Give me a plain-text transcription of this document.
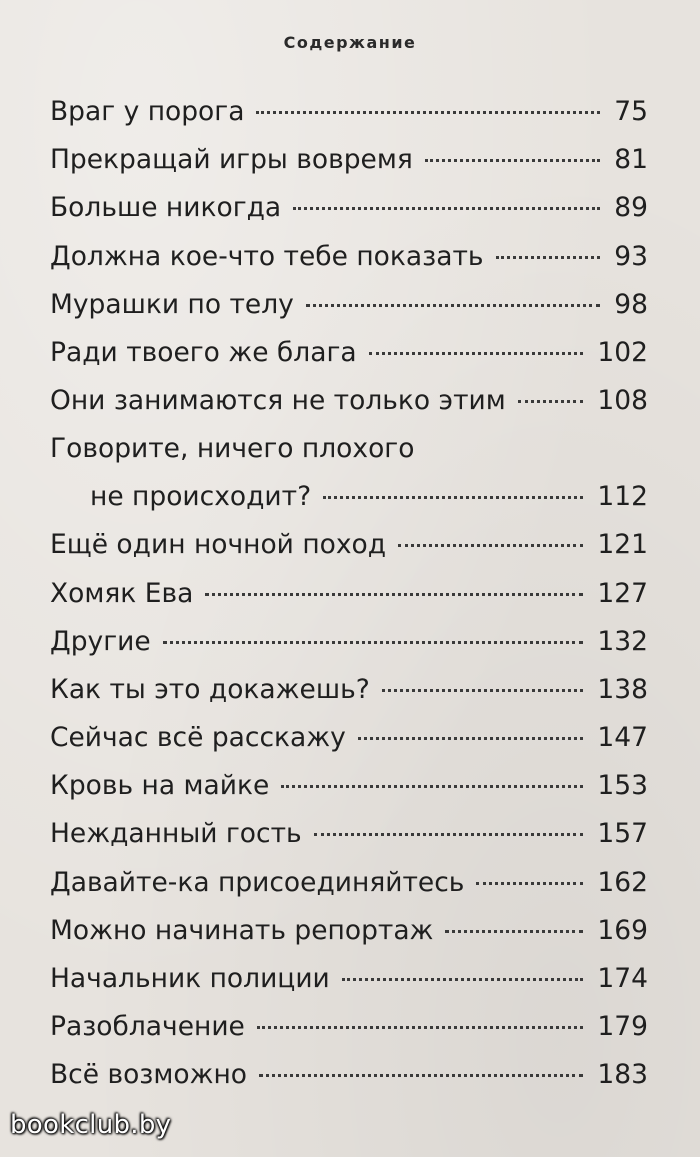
Содержание
Враг у порога	75
Прекращай игры вовремя	81
Больше никогда	89
Должна кое-что тебе показать	93
Мурашки по телу	98
Ради твоего же блага	102
Они занимаются не только этим	108
Говорите, ничего плохого
не происходит?	112
Ещё один ночной поход	121
Хомяк Ева	127
Другие	132
Как ты это докажешь?	138
Сейчас всё расскажу	147
Кровь на майке	153
Нежданный гость	157
Давайте-ка присоединяйтесь	162
Можно начинать репортаж	169
Начальник полиции	174
Разоблачение	179
Всё возможно	183
bookclub.by
